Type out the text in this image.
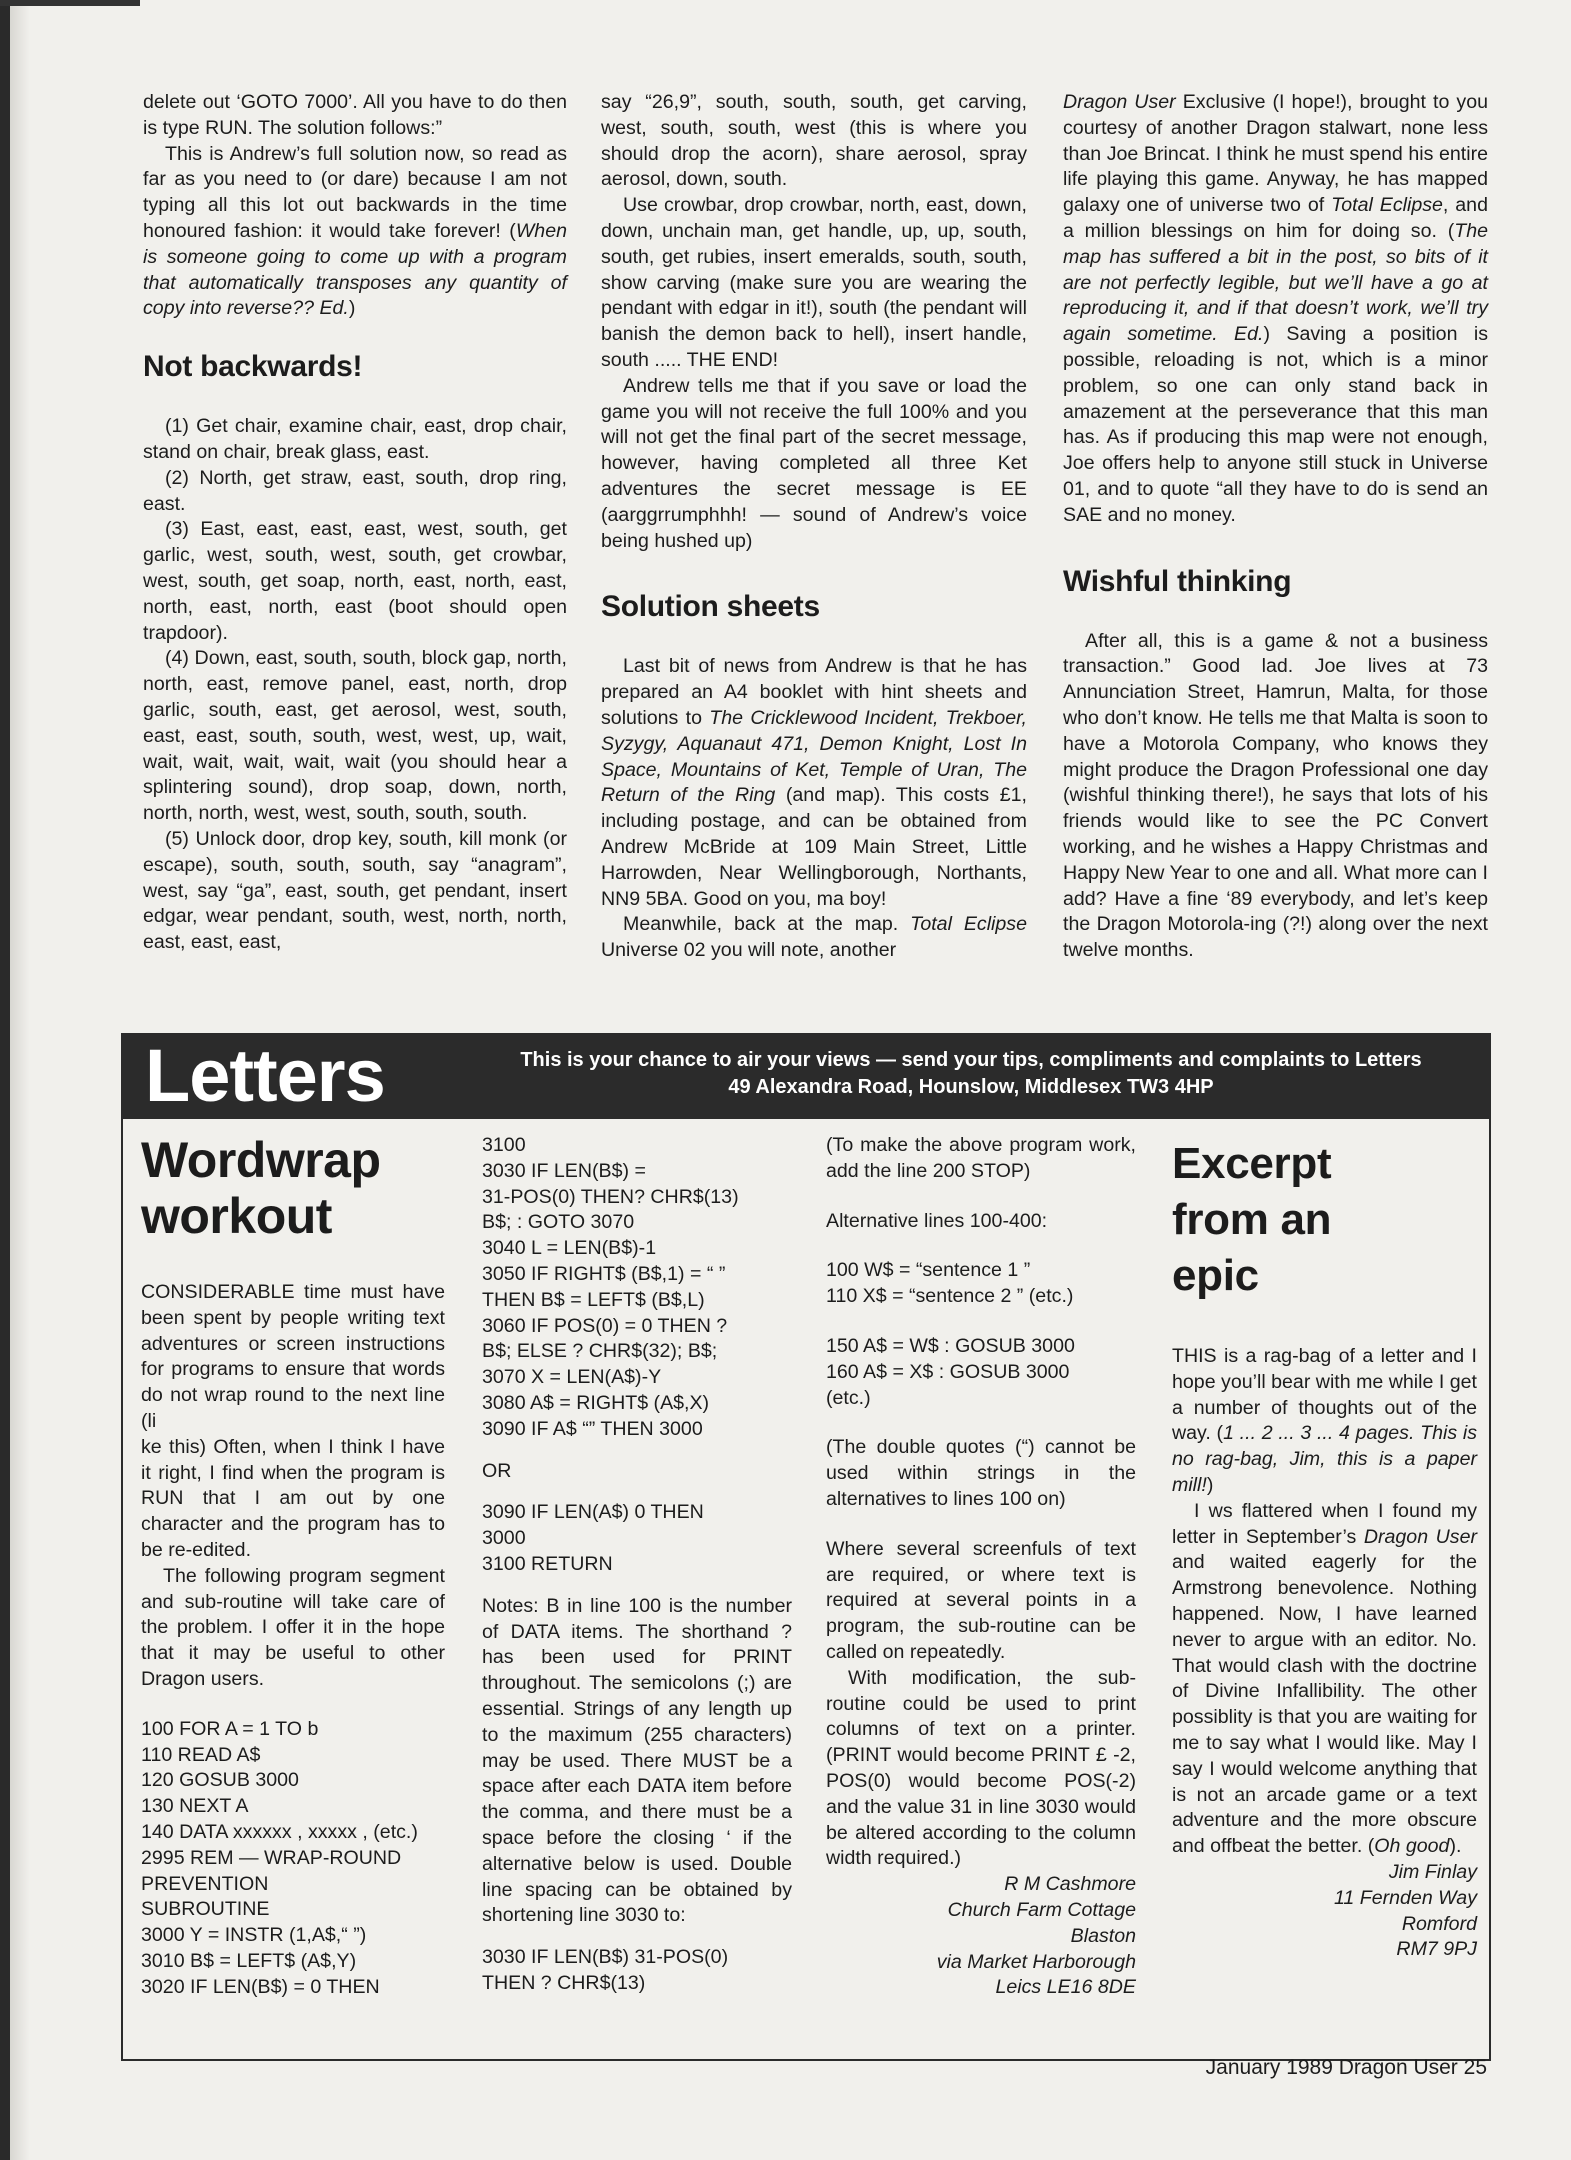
delete out ‘GOTO 7000’. All you have to do then is type RUN. The solution follows:”

This is Andrew’s full solution now, so read as far as you need to (or dare) because I am not typing all this lot out backwards in the time honoured fashion: it would take forever! (When is someone going to come up with a program that automatically transposes any quantity of copy into reverse?? Ed.)

Not backwards!

(1) Get chair, examine chair, east, drop chair, stand on chair, break glass, east.

(2) North, get straw, east, south, drop ring, east.

(3) East, east, east, east, west, south, get garlic, west, south, west, south, get crowbar, west, south, get soap, north, east, north, east, north, east, north, east (boot should open trapdoor).

(4) Down, east, south, south, block gap, north, north, east, remove panel, east, north, drop garlic, south, east, get aerosol, west, south, east, east, south, south, west, west, up, wait, wait, wait, wait, wait, wait (you should hear a splintering sound), drop soap, down, north, north, north, west, west, south, south, south.

(5) Unlock door, drop key, south, kill monk (or escape), south, south, south, say “anagram”, west, say “ga”, east, south, get pendant, insert edgar, wear pendant, south, west, north, north, east, east, east,

say “26,9”, south, south, south, get carving, west, south, south, west (this is where you should drop the acorn), share aerosol, spray aerosol, down, south.

Use crowbar, drop crowbar, north, east, down, down, unchain man, get handle, up, up, south, south, get rubies, insert emeralds, south, south, show carving (make sure you are wearing the pendant with edgar in it!), south (the pendant will banish the demon back to hell), insert handle, south ..... THE END!

Andrew tells me that if you save or load the game you will not receive the full 100% and you will not get the final part of the secret message, however, having completed all three Ket adventures the secret message is EE (aarggrrumphhh! — sound of Andrew’s voice being hushed up)

Solution sheets

Last bit of news from Andrew is that he has prepared an A4 booklet with hint sheets and solutions to The Cricklewood Incident, Trekboer, Syzygy, Aquanaut 471, Demon Knight, Lost In Space, Mountains of Ket, Temple of Uran, The Return of the Ring (and map). This costs £1, including postage, and can be obtained from Andrew McBride at 109 Main Street, Little Harrowden, Near Wellingborough, Northants, NN9 5BA. Good on you, ma boy!

Meanwhile, back at the map. Total Eclipse Universe 02 you will note, another

Dragon User Exclusive (I hope!), brought to you courtesy of another Dragon stalwart, none less than Joe Brincat. I think he must spend his entire life playing this game. Anyway, he has mapped galaxy one of universe two of Total Eclipse, and a million blessings on him for doing so. (The map has suffered a bit in the post, so bits of it are not perfectly legible, but we’ll have a go at reproducing it, and if that doesn’t work, we’ll try again sometime. Ed.) Saving a position is possible, reloading is not, which is a minor problem, so one can only stand back in amazement at the perseverance that this man has. As if producing this map were not enough, Joe offers help to anyone still stuck in Universe 01, and to quote “all they have to do is send an SAE and no money.

Wishful thinking

After all, this is a game & not a business transaction.” Good lad. Joe lives at 73 Annunciation Street, Hamrun, Malta, for those who don’t know. He tells me that Malta is soon to have a Motorola Company, who knows they might produce the Dragon Professional one day (wishful thinking there!), he says that lots of his friends would like to see the PC Convert working, and he wishes a Happy Christmas and Happy New Year to one and all. What more can I add? Have a fine ‘89 everybody, and let’s keep the Dragon Motorola-ing (?!) along over the next twelve months.

Letters	This is your chance to air your views — send your tips, compliments and complaints to Letters
49 Alexandra Road, Hounslow, Middlesex TW3 4HP

Wordwrap

workout

CONSIDERABLE time must have been spent by people writing text adventures or screen instructions for programs to ensure that words do not wrap round to the next line (li

ke this) Often, when I think I have it right, I find when the program is RUN that I am out by one character and the program has to be re-edited.

The following program segment and sub-routine will take care of the problem. I offer it in the hope that it may be useful to other Dragon users.

100 FOR A = 1 TO b

110 READ A$

120 GOSUB 3000

130 NEXT A

140 DATA xxxxxx , xxxxx , (etc.)

2995 REM — WRAP-ROUND

PREVENTION

SUBROUTINE

3000 Y = INSTR (1,A$,“ ”)

3010 B$ = LEFT$ (A$,Y)

3020 IF LEN(B$) = 0 THEN

3100

3030 IF LEN(B$) =

31-POS(0) THEN? CHR$(13)

B$; : GOTO 3070

3040 L = LEN(B$)-1

3050 IF RIGHT$ (B$,1) = “ ”

THEN B$ = LEFT$ (B$,L)

3060 IF POS(0) = 0 THEN ?

B$; ELSE ? CHR$(32); B$;

3070 X = LEN(A$)-Y

3080 A$ = RIGHT$ (A$,X)

3090 IF A$ “” THEN 3000

OR

3090 IF LEN(A$) 0 THEN

3000

3100 RETURN

Notes: B in line 100 is the number of DATA items. The shorthand ? has been used for PRINT throughout. The semicolons (;) are essential. Strings of any length up to the maximum (255 characters) may be used. There MUST be a space after each DATA item before the comma, and there must be a space before the closing ‘ if the alternative below is used. Double line spacing can be obtained by shortening line 3030 to:

3030 IF LEN(B$) 31-POS(0)

THEN ? CHR$(13)

(To make the above program work, add the line 200 STOP)

Alternative lines 100-400:

100 W$ = “sentence 1 ”

110 X$ = “sentence 2 ” (etc.)

150 A$ = W$ : GOSUB 3000

160 A$ = X$ : GOSUB 3000

(etc.)

(The double quotes (“) cannot be used within strings in the alternatives to lines 100 on)

Where several screenfuls of text are required, or where text is required at several points in a program, the sub-routine can be called on repeatedly.

With modification, the sub-routine could be used to print columns of text on a printer. (PRINT would become PRINT £ -2, POS(0) would become POS(-2) and the value 31 in line 3030 would be altered according to the column width required.)

R M Cashmore

Church Farm Cottage

Blaston

via Market Harborough

Leics LE16 8DE

Excerpt

from an

epic

THIS is a rag-bag of a letter and I hope you’ll bear with me while I get a number of thoughts out of the way. (1 ... 2 ... 3 ... 4 pages. This is no rag-bag, Jim, this is a paper mill!)

I ws flattered when I found my letter in September’s Dragon User and waited eagerly for the Armstrong benevolence. Nothing happened. Now, I have learned never to argue with an editor. No. That would clash with the doctrine of Divine Infallibility. The other possiblity is that you are waiting for me to say what I would like. May I say I would welcome anything that is not an arcade game or a text adventure and the more obscure and offbeat the better. (Oh good).

Jim Finlay

11 Fernden Way

Romford

RM7 9PJ

January 1989 Dragon User 25
